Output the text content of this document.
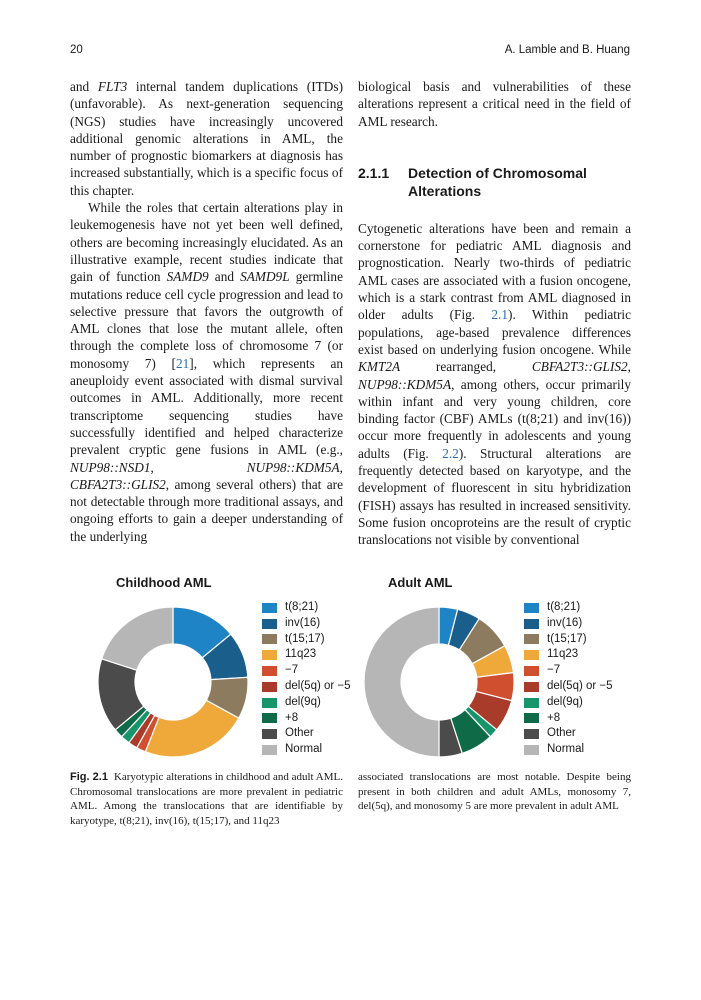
20	A. Lamble and B. Huang

and FLT3 internal tandem duplications (ITDs) (unfavorable). As next-generation sequencing (NGS) studies have increasingly uncovered additional genomic alterations in AML, the number of prognostic biomarkers at diagnosis has increased substantially, which is a specific focus of this chapter.

While the roles that certain alterations play in leukemogenesis have not yet been well defined, others are becoming increasingly elucidated. As an illustrative example, recent studies indicate that gain of function SAMD9 and SAMD9L germline mutations reduce cell cycle progression and lead to selective pressure that favors the outgrowth of AML clones that lose the mutant allele, often through the complete loss of chromosome 7 (or monosomy 7) [21], which represents an aneuploidy event associated with dismal survival outcomes in AML. Additionally, more recent transcriptome sequencing studies have successfully identified and helped characterize prevalent cryptic gene fusions in AML (e.g., NUP98::NSD1, NUP98::KDM5A, CBFA2T3::GLIS2, among several others) that are not detectable through more traditional assays, and ongoing efforts to gain a deeper understanding of the underlying

biological basis and vulnerabilities of these alterations represent a critical need in the field of AML research.

2.1.1	Detection of Chromosomal Alterations

Cytogenetic alterations have been and remain a cornerstone for pediatric AML diagnosis and prognostication. Nearly two-thirds of pediatric AML cases are associated with a fusion oncogene, which is a stark contrast from AML diagnosed in older adults (Fig. 2.1). Within pediatric populations, age-based prevalence differences exist based on underlying fusion oncogene. While KMT2A rearranged, CBFA2T3::GLIS2, NUP98::KDM5A, among others, occur primarily within infant and very young children, core binding factor (CBF) AMLs (t(8;21) and inv(16)) occur more frequently in adolescents and young adults (Fig. 2.2). Structural alterations are frequently detected based on karyotype, and the development of fluorescent in situ hybridization (FISH) assays has resulted in increased sensitivity. Some fusion oncoproteins are the result of cryptic translocations not visible by conventional

Childhood AML	Adult AML
t(8;21)
inv(16)
t(15;17)
11q23
−7
del(5q) or −5
del(9q)
+8
Other
Normal
t(8;21)
inv(16)
t(15;17)
11q23
−7
del(5q) or −5
del(9q)
+8
Other
Normal

Fig. 2.1 Karyotypic alterations in childhood and adult AML. Chromosomal translocations are more prevalent in pediatric AML. Among the translocations that are identifiable by karyotype, t(8;21), inv(16), t(15;17), and 11q23

associated translocations are most notable. Despite being present in both children and adult AMLs, monosomy 7, del(5q), and monosomy 5 are more prevalent in adult AML
